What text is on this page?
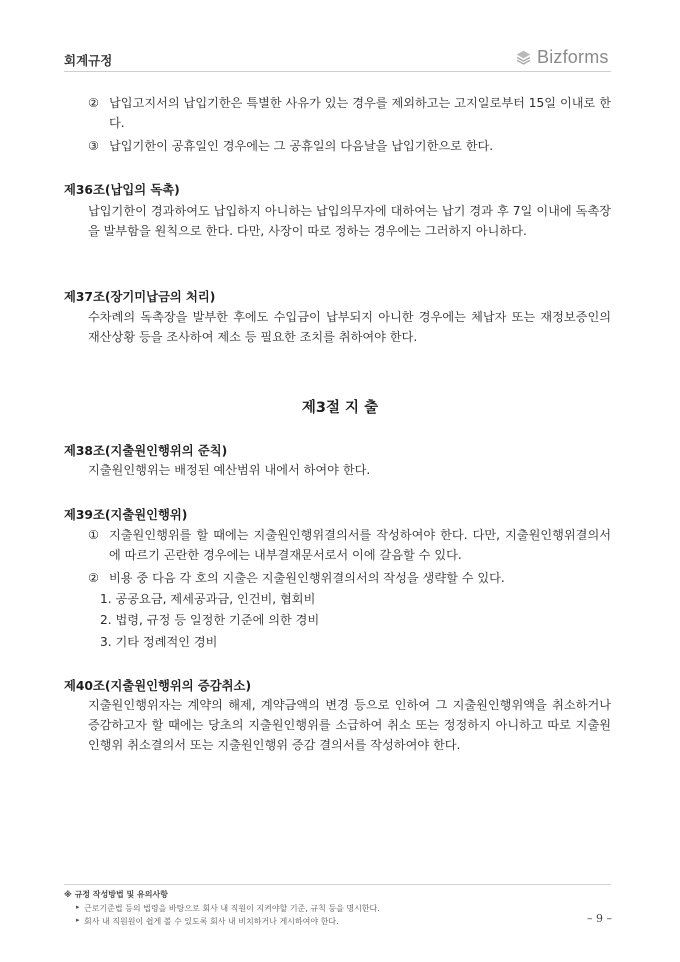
회계규정	Bizforms
② 납입고지서의 납입기한은 특별한 사유가 있는 경우를 제외하고는 고지일로부터 15일 이내로 한다.
③ 납입기한이 공휴일인 경우에는 그 공휴일의 다음날을 납입기한으로 한다.
제36조(납입의 독촉)

납입기한이 경과하여도 납입하지 아니하는 납입의무자에 대하여는 납기 경과 후 7일 이내에 독촉장을 발부함을 원칙으로 한다. 다만, 사장이 따로 정하는 경우에는 그러하지 아니하다.

제37조(장기미납금의 처리)

수차례의 독촉장을 발부한 후에도 수입금이 납부되지 아니한 경우에는 체납자 또는 재정보증인의 재산상황 등을 조사하여 제소 등 필요한 조치를 취하여야 한다.

제3절 지 출
제38조(지출원인행위의 준칙)

지출원인행위는 배정된 예산범위 내에서 하여야 한다.

제39조(지출원인행위)
① 지출원인행위를 할 때에는 지출원인행위결의서를 작성하여야 한다. 다만, 지출원인행위결의서에 따르기 곤란한 경우에는 내부결재문서로서 이에 갈음할 수 있다.
② 비용 중 다음 각 호의 지출은 지출원인행위결의서의 작성을 생략할 수 있다.
1. 공공요금, 제세공과금, 인건비, 협회비
2. 법령, 규정 등 일정한 기준에 의한 경비
3. 기타 정례적인 경비
제40조(지출원인행위의 증감취소)

지출원인행위자는 계약의 해제, 계약금액의 변경 등으로 인하여 그 지출원인행위액을 취소하거나 증감하고자 할 때에는 당초의 지출원인행위를 소급하여 취소 또는 정정하지 아니하고 따로 지출원인행위 취소결의서 또는 지출원인행위 증감 결의서를 작성하여야 한다.

※ 규정 작성방법 및 유의사항
▸ 근로기준법 등의 법령을 바탕으로 회사 내 직원이 지켜야할 기준, 규칙 등을 명시한다.
▸ 회사 내 직원원이 쉽게 볼 수 있도록 회사 내 비치하거나 게시하여야 한다.	– 9 –
